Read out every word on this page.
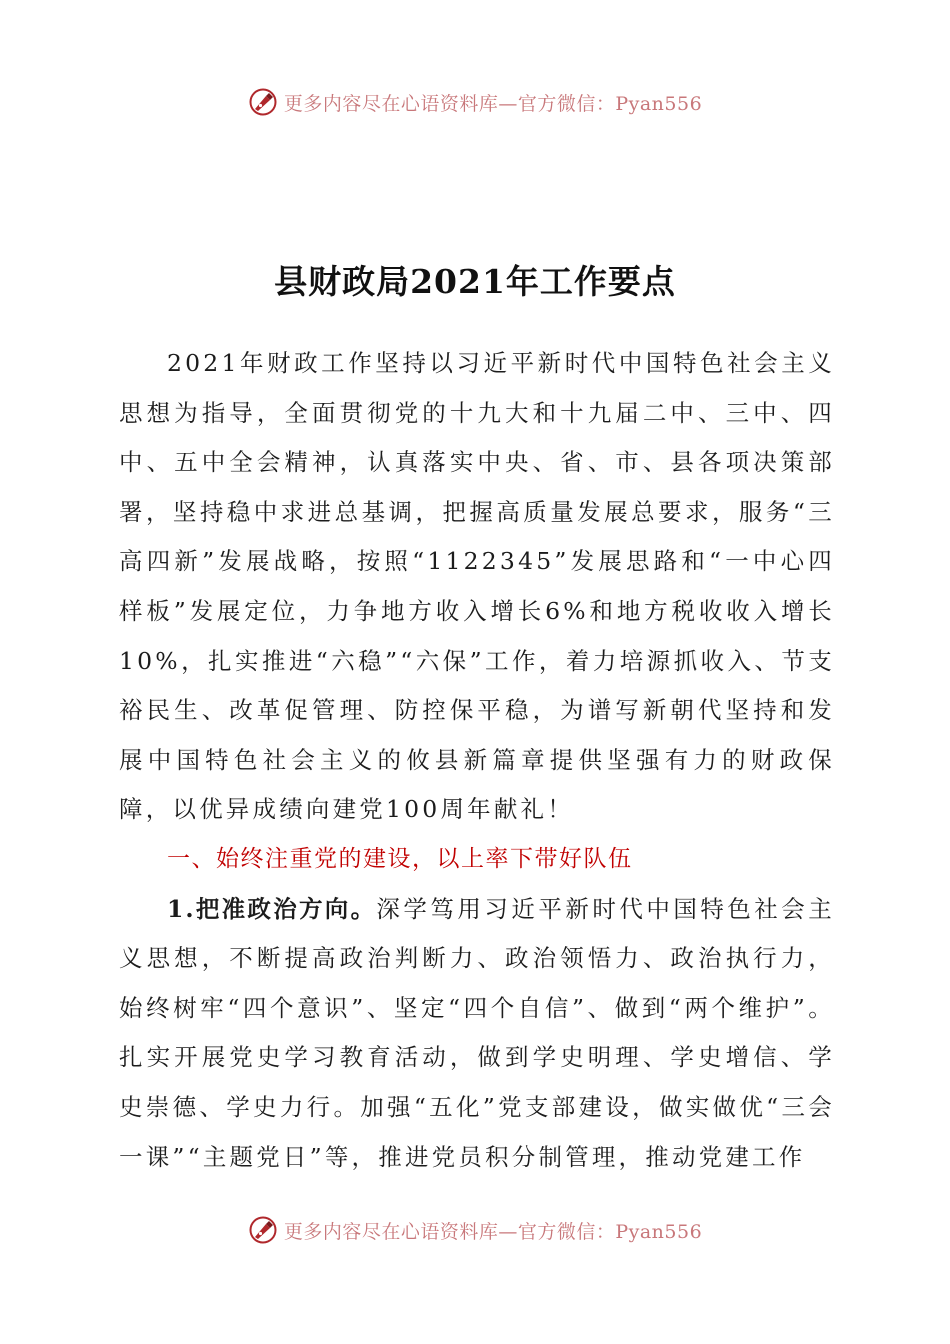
更多内容尽在心语资料库—官方微信：Pyan556
县财政局2021年工作要点

2021年财政工作坚持以习近平新时代中国特色社会主义思想为指导，全面贯彻党的十九大和十九届二中、三中、四中、五中全会精神，认真落实中央、省、市、县各项决策部署，坚持稳中求进总基调，把握高质量发展总要求，服务“三高四新”发展战略，按照“1122345”发展思路和“一中心四样板”发展定位，力争地方收入增长6%和地方税收收入增长10%，扎实推进“六稳”“六保”工作，着力培源抓收入、节支裕民生、改革促管理、防控保平稳，为谱写新朝代坚持和发展中国特色社会主义的攸县新篇章提供坚强有力的财政保障，以优异成绩向建党100周年献礼！

一、始终注重党的建设，以上率下带好队伍

1.把准政治方向。深学笃用习近平新时代中国特色社会主义思想，不断提高政治判断力、政治领悟力、政治执行力，始终树牢“四个意识”、坚定“四个自信”、做到“两个维护”。扎实开展党史学习教育活动，做到学史明理、学史增信、学史崇德、学史力行。加强“五化”党支部建设，做实做优“三会一课”“主题党日”等，推进党员积分制管理，推动党建工作

更多内容尽在心语资料库—官方微信：Pyan556
